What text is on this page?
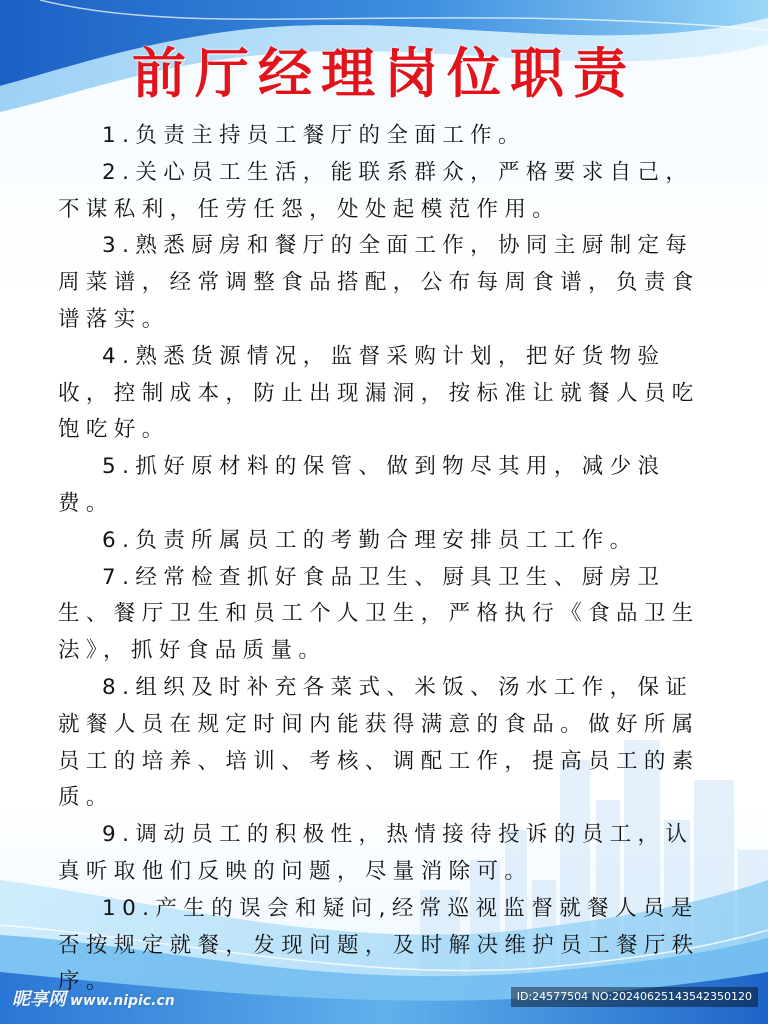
前厅经理岗位职责

1.负责主持员工餐厅的全面工作。

2.关心员工生活，能联系群众，严格要求自己，不谋私利，任劳任怨，处处起模范作用。

3.熟悉厨房和餐厅的全面工作，协同主厨制定每周菜谱，经常调整食品搭配，公布每周食谱，负责食谱落实。

4.熟悉货源情况，监督采购计划，把好货物验收，控制成本，防止出现漏洞，按标准让就餐人员吃饱吃好。

5.抓好原材料的保管、做到物尽其用，减少浪费。

6.负责所属员工的考勤合理安排员工工作。

7.经常检查抓好食品卫生、厨具卫生、厨房卫生、餐厅卫生和员工个人卫生，严格执行《食品卫生法》，抓好食品质量。

8.组织及时补充各菜式、米饭、汤水工作，保证就餐人员在规定时间内能获得满意的食品。做好所属员工的培养、培训、考核、调配工作，提高员工的素质。

9.调动员工的积极性，热情接待投诉的员工，认真听取他们反映的问题，尽量消除可。

10.产生的误会和疑问,经常巡视监督就餐人员是否按规定就餐，发现问题，及时解决维护员工餐厅秩序。

昵享网 www.nipic.cn	ID:24577504 NO:20240625143542350120
